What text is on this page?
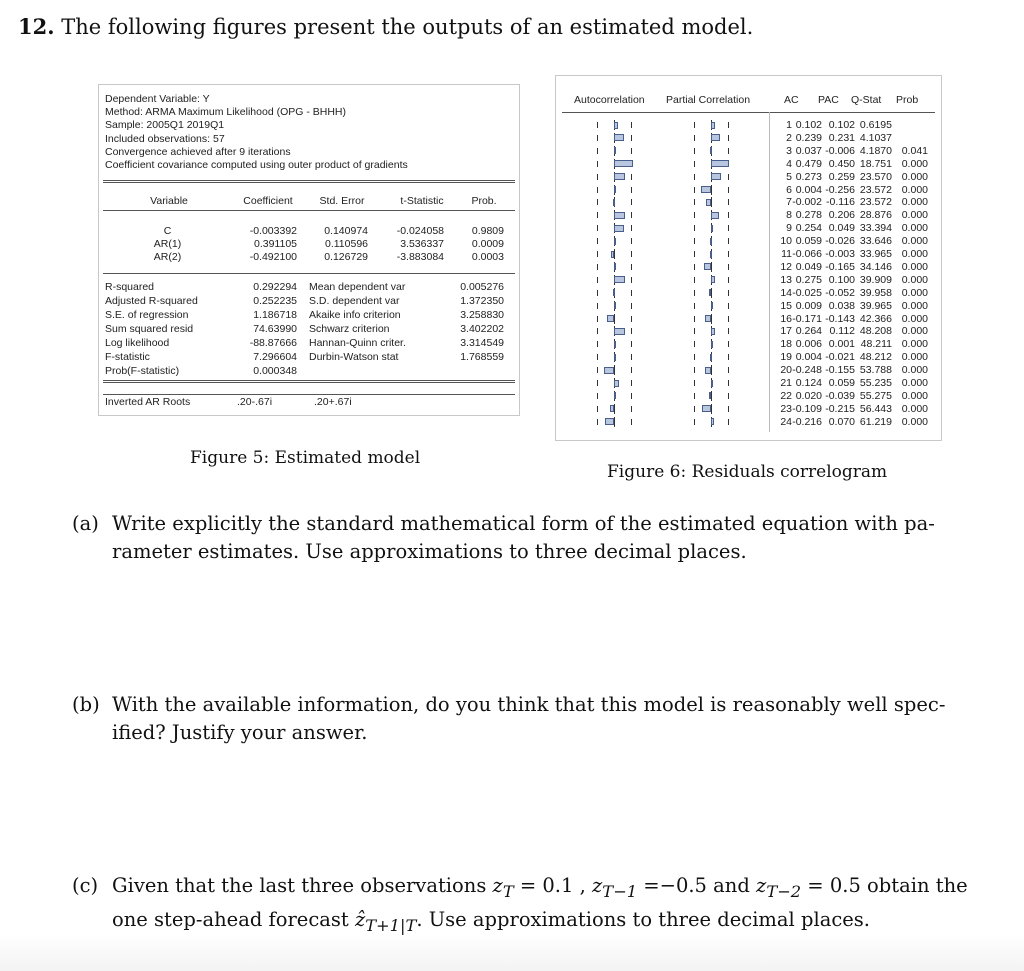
12. The following figures present the outputs of an estimated model.
Dependent Variable: Y
Method: ARMA Maximum Likelihood (OPG - BHHH)
Sample: 2005Q1 2019Q1
Included observations: 57
Convergence achieved after 9 iterations
Coefficient covariance computed using outer product of gradients
Variable	Coefficient	Std. Error	t-Statistic	Prob.
C	-0.003392	0.140974	-0.024058	0.9809
AR(1)	0.391105	0.110596	3.536337	0.0009
AR(2)	-0.492100	0.126729	-3.883084	0.0003
R-squared	0.292294 Mean dependent var	0.005276
Adjusted R-squared	0.252235 S.D. dependent var	1.372350
S.E. of regression	1.186718 Akaike info criterion	3.258830
Sum squared resid	74.63990 Schwarz criterion	3.402202
Log likelihood	-88.87666 Hannan-Quinn criter.	3.314549
F-statistic	7.296604 Durbin-Watson stat	1.768559
Prob(F-statistic)	0.000348
Inverted AR Roots	.20-.67i	.20+.67i
Figure 5: Estimated model
Autocorrelation Partial Correlation	AC PAC Q-Stat Prob
1 0.102 0.102 0.6195
2 0.239 0.231 4.1037
3 0.037 -0.006 4.1870 0.041
4 0.479 0.450 18.751 0.000
5 0.273 0.259 23.570 0.000
6 0.004 -0.256 23.572 0.000
7 -0.002 -0.116 23.572 0.000
8 0.278 0.206 28.876 0.000
9 0.254 0.049 33.394 0.000
10 0.059 -0.026 33.646 0.000
11 -0.066 -0.003 33.965 0.000
12 0.049 -0.165 34.146 0.000
13 0.275 0.100 39.909 0.000
14 -0.025 -0.052 39.958 0.000
15 0.009 0.038 39.965 0.000
16 -0.171 -0.143 42.366 0.000
17 0.264 0.112 48.208 0.000
18 0.006 0.001 48.211 0.000
19 0.004 -0.021 48.212 0.000
20 -0.248 -0.155 53.788 0.000
21 0.124 0.059 55.235 0.000
22 0.020 -0.039 55.275 0.000
23 -0.109 -0.215 56.443 0.000
24 -0.216 0.070 61.219 0.000
Figure 6: Residuals correlogram
(a) Write explicitly the standard mathematical form of the estimated equation with pa-
rameter estimates. Use approximations to three decimal places.
(b) With the available information, do you think that this model is reasonably well spec-
ified? Justify your answer.
(c) Given that the last three observations $z_T = 0.1$ , $z_{T-1} =-0.5$ and $z_{T-2} = 0.5$ obtain the
one step-ahead forecast ẑ$_{T+1|T}$. Use approximations to three decimal places.
